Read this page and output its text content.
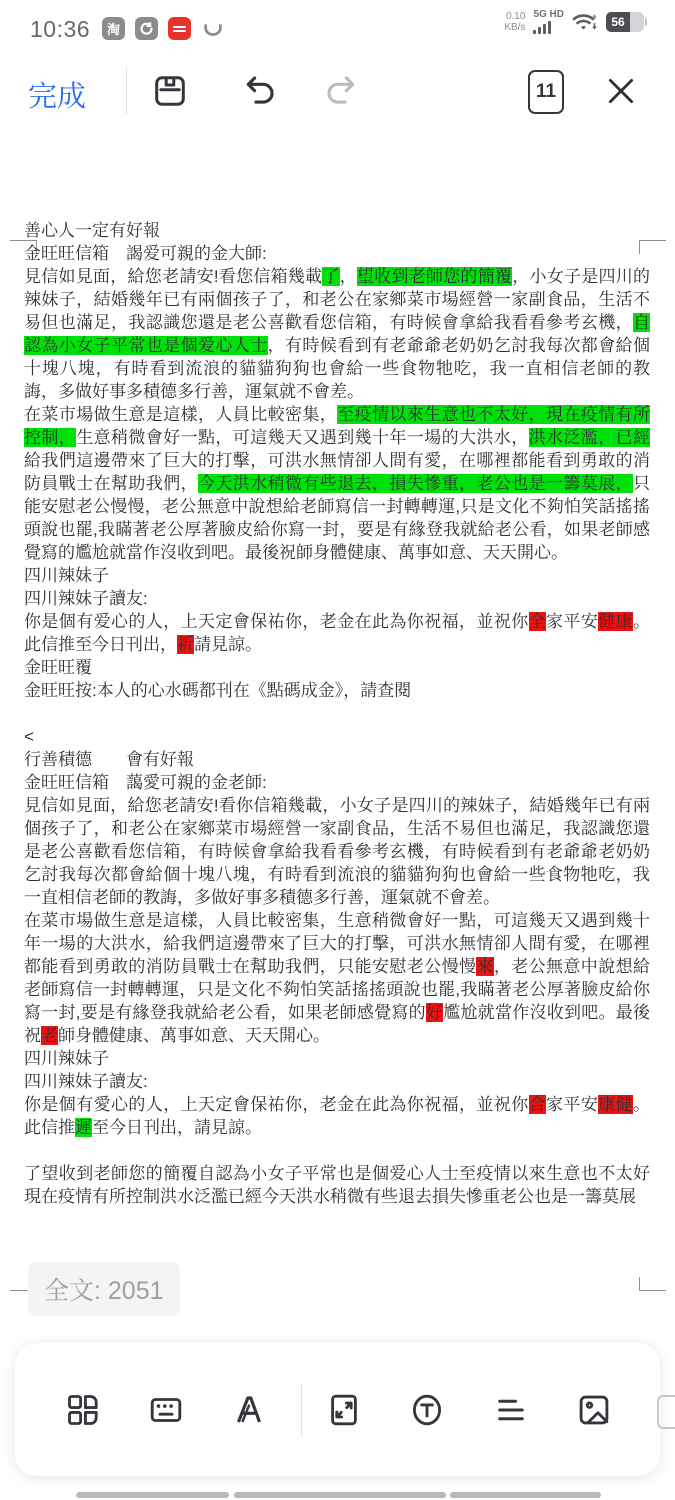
10:36	淘
0.10
KB/s
5G HD
56
完成	11
善心人一定有好報
金旺旺信箱　謁爱可親的金大師:
見信如見面，給您老請安!看您信箱幾載了，望收到老師您的簡覆，小女子是四川的辣妹子，結婚幾年已有兩個孩子了，和老公在家鄉菜市場經營一家副食品，生活不易但也滿足，我認識您還是老公喜歡看您信箱，有時候會拿給我看看參考玄機，自認為小女子平常也是個爱心人士，有時候看到有老爺爺老奶奶乞討我每次都會給個十塊八塊，有時看到流浪的貓貓狗狗也會給一些食物牠吃，我一直相信老師的教誨，多做好事多積德多行善，運氣就不會差。
在菜市場做生意是這樣，人員比較密集，至疫情以來生意也不太好，現在疫情有所控制，生意稍微會好一點，可這幾天又遇到幾十年一場的大洪水，洪水泛濫，已經給我們這邊帶來了巨大的打擊，可洪水無情卻人間有愛，在哪裡都能看到勇敢的消防員戰士在幫助我們，今天洪水稍微有些退去，損失慘重，老公也是一籌莫展，只能安慰老公慢慢，老公無意中說想給老師寫信一封轉轉運,只是文化不夠怕笑話搖搖頭說也罷,我瞞著老公厚著臉皮給你寫一封，要是有緣登我就給老公看，如果老師感覺寫的尷尬就當作沒收到吧。最後祝師身體健康、萬事如意、天天開心。
四川辣妹子
四川辣妹子讀友:
你是個有爱心的人，上天定會保祐你，老金在此為你祝福，並祝你全家平安健康。此信推至今日刊出，祈請見諒。
金旺旺覆
金旺旺按:本人的心水碼都刊在《點碼成金》，請查閱
<
行善積德　　會有好報
金旺旺信箱　藹愛可親的金老師:
見信如見面，給您老請安!看你信箱幾載，小女子是四川的辣妹子，結婚幾年已有兩個孩子了，和老公在家鄉菜市場經營一家副食品，生活不易但也滿足，我認識您還是老公喜歡看您信箱，有時候會拿給我看看參考玄機，有時候看到有老爺爺老奶奶乞討我每次都會給個十塊八塊，有時看到流浪的貓貓狗狗也會給一些食物牠吃，我一直相信老師的教誨，多做好事多積德多行善，運氣就不會差。
在菜市場做生意是這樣，人員比較密集，生意稍微會好一點，可這幾天又遇到幾十年一場的大洪水，給我們這邊帶來了巨大的打擊，可洪水無情卻人間有愛，在哪裡都能看到勇敢的消防員戰士在幫助我們，只能安慰老公慢慢來，老公無意中說想給老師寫信一封轉轉運，只是文化不夠怕笑話搖搖頭說也罷,我瞞著老公厚著臉皮給你寫一封,要是有緣登我就給老公看，如果老師感覺寫的好尷尬就當作沒收到吧。最後祝老師身體健康、萬事如意、天天開心。
四川辣妹子
四川辣妹子讀友:
你是個有愛心的人，上天定會保祐你，老金在此為你祝福，並祝你合家平安康健。此信推遲至今日刊出，請見諒。
了望收到老師您的簡覆自認為小女子平常也是個爱心人士至疫情以來生意也不太好現在疫情有所控制洪水泛濫已經今天洪水稍微有些退去損失慘重老公也是一籌莫展
全文: 2051
